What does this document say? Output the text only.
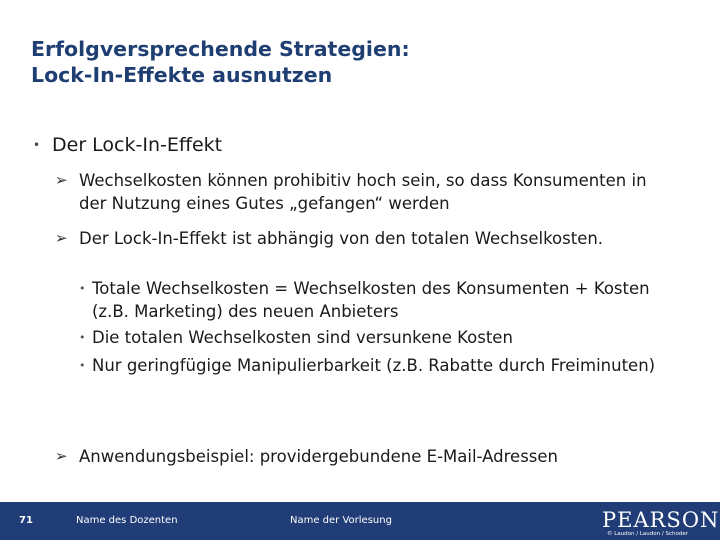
Erfolgversprechende Strategien:
Lock-In-Effekte ausnutzen
• Der Lock-In-Effekt
➢ Wechselkosten können prohibitiv hoch sein, so dass Konsumenten in der Nutzung eines Gutes „gefangen“ werden
➢ Der Lock-In-Effekt ist abhängig von den totalen Wechselkosten.
• Totale Wechselkosten = Wechselkosten des Konsumenten + Kosten (z.B. Marketing) des neuen Anbieters
• Die totalen Wechselkosten sind versunkene Kosten
• Nur geringfügige Manipulierbarkeit (z.B. Rabatte durch Freiminuten)
➢ Anwendungsbeispiel: providergebundene E-Mail-Adressen
71	Name des Dozenten	Name der Vorlesung	PEARSON
© Laudon / Laudon / Schoder
